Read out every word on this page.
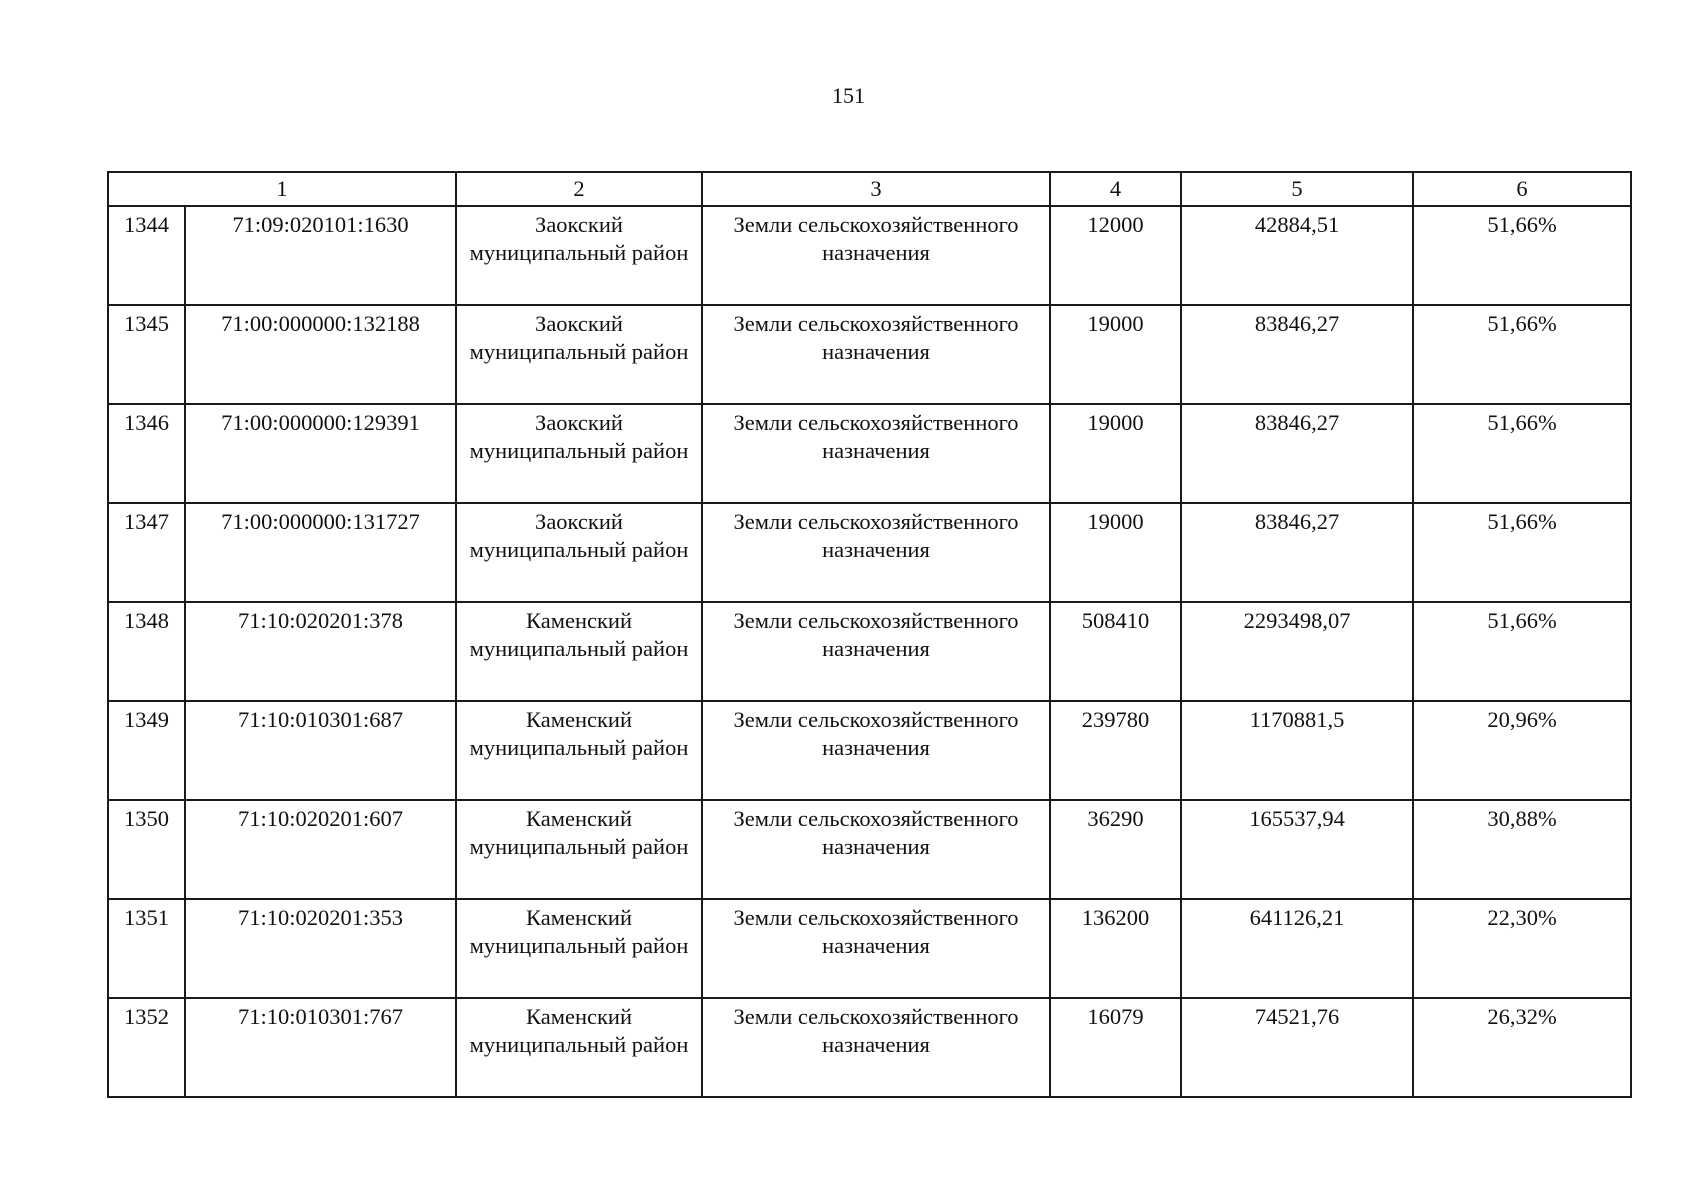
151
1		2	3	4	5	6

1344	71:09:020101:1630	Заокский муниципальный район	Земли сельскохозяйственного назначения	12000	42884,51	51,66%

1345	71:00:000000:132188	Заокский муниципальный район	Земли сельскохозяйственного назначения	19000	83846,27	51,66%

1346	71:00:000000:129391	Заокский муниципальный район	Земли сельскохозяйственного назначения	19000	83846,27	51,66%

1347	71:00:000000:131727	Заокский муниципальный район	Земли сельскохозяйственного назначения	19000	83846,27	51,66%

1348	71:10:020201:378	Каменский муниципальный район	Земли сельскохозяйственного назначения	508410	2293498,07	51,66%

1349	71:10:010301:687	Каменский муниципальный район	Земли сельскохозяйственного назначения	239780	1170881,5	20,96%

1350	71:10:020201:607	Каменский муниципальный район	Земли сельскохозяйственного назначения	36290	165537,94	30,88%

1351	71:10:020201:353	Каменский муниципальный район	Земли сельскохозяйственного назначения	136200	641126,21	22,30%

1352	71:10:010301:767	Каменский муниципальный район	Земли сельскохозяйственного назначения	16079	74521,76	26,32%
